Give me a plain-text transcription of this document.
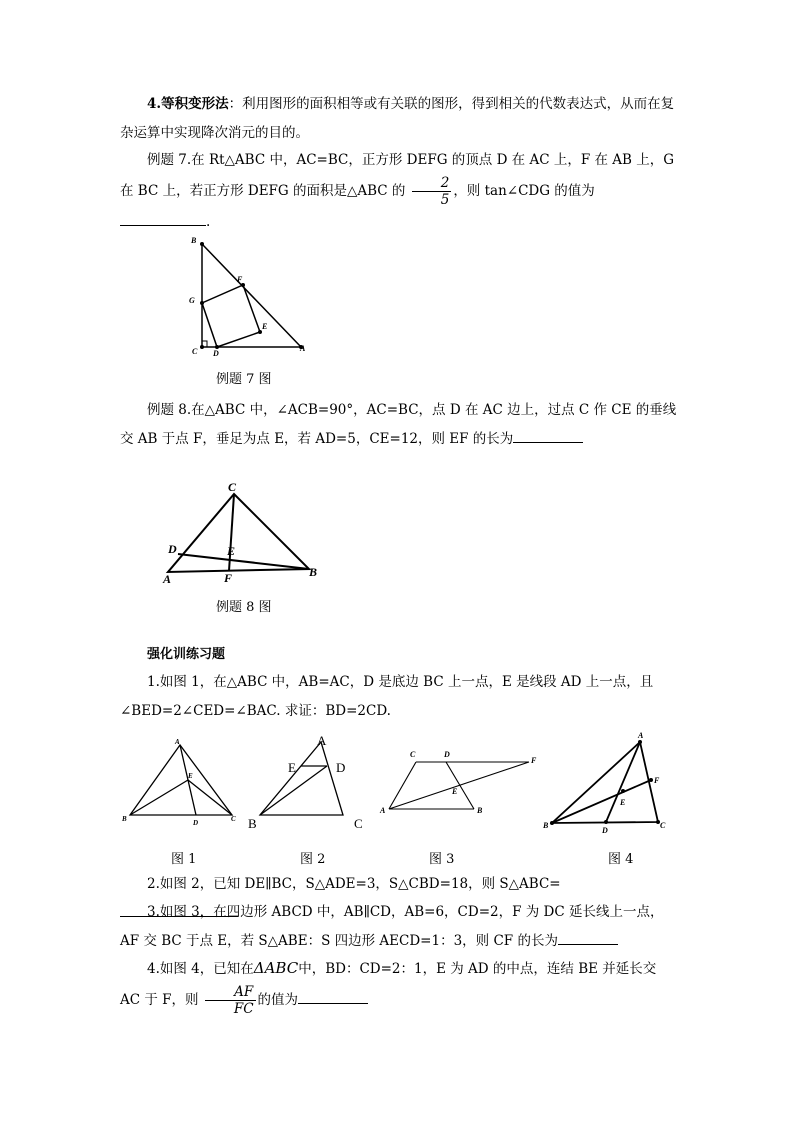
4.等积变形法：利用图形的面积相等或有关联的图形，得到相关的代数表达式，从而在复杂运算中实现降次消元的目的。
例题 7.在 Rt△ABC 中，AC=BC，正方形 DEFG 的顶点 D 在 AC 上，F 在 AB 上，G 在 BC 上，若正方形 DEFG 的面积是△ABC 的 $\frac{2}{5}$ ，则 tan∠CDG 的值为.
B
F
G
E
C D
A
例题 7 图
例题 8.在△ABC 中，∠ACB=90°，AC=BC，点 D 在 AC 边上，过点 C 作 CE 的垂线交 AB 于点 F，垂足为点 E，若 AD=5，CE=12，则 EF 的长为
C
D	E
A	F	B
例题 8 图
强化训练习题
1.如图 1，在△ABC 中，AB=AC，D 是底边 BC 上一点，E 是线段 AD 上一点，且∠BED=2∠CED=∠BAC. 求证：BD=2CD.
A
E
B	D	C
图 1
A
E	D
B	C
图 2
C	D
F
E
A	B
图 3
A
F
E
B
D
C
图 4
2.如图 2，已知 DE∥BC，S△ADE=3，S△CBD=18，则 S△ABC=
3.如图 3，在四边形 ABCD 中，AB∥CD，AB=6，CD=2，F 为 DC 延长线上一点，AF 交 BC 于点 E，若 S△ABE：S 四边形 AECD=1：3，则 CF 的长为
4.如图 4，已知在ΔABC中，BD：CD=2：1，E 为 AD 的中点，连结 BE 并延长交 AC 于 F，则 $\frac{AF}{FC}$ 的值为
